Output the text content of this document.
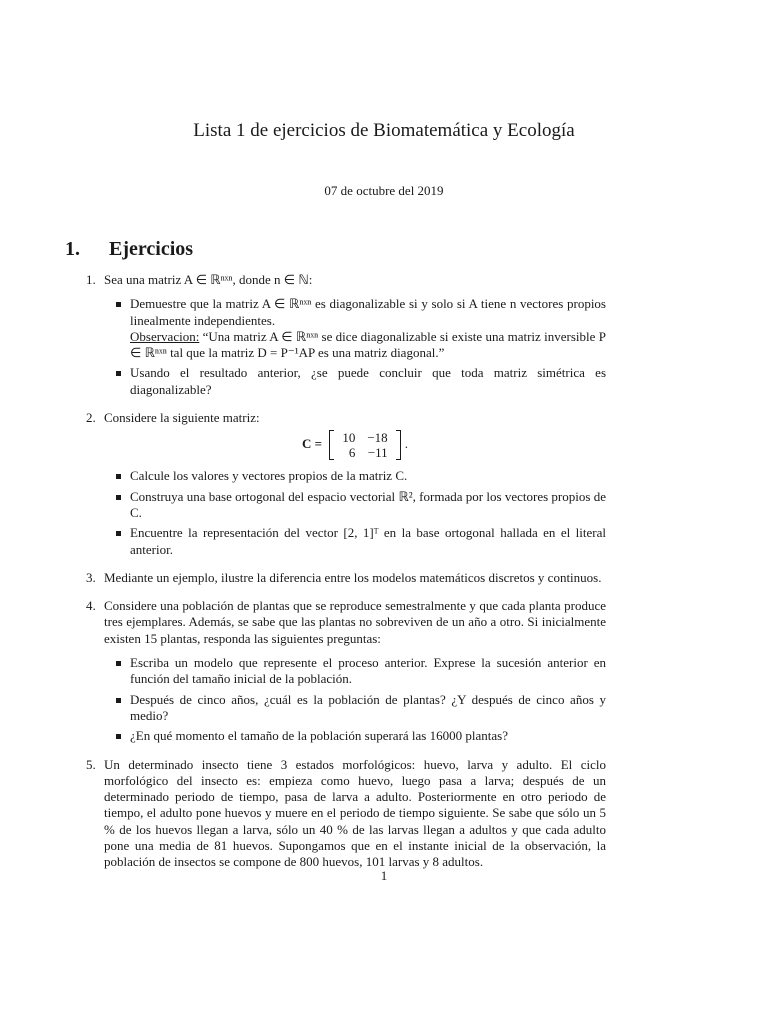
Lista 1 de ejercicios de Biomatemática y Ecología
07 de octubre del 2019
1. Ejercicios
1. Sea una matriz A ∈ ℝⁿˣⁿ, donde n ∈ ℕ:
Demuestre que la matriz A ∈ ℝⁿˣⁿ es diagonalizable si y solo si A tiene n vectores propios linealmente independientes.
Observacion: “Una matriz A ∈ ℝⁿˣⁿ se dice diagonalizable si existe una matriz inversible P ∈ ℝⁿˣⁿ tal que la matriz D = P⁻¹AP es una matriz diagonal.”
Usando el resultado anterior, ¿se puede concluir que toda matriz simétrica es diagonalizable?
2. Considere la siguiente matriz:
C = 10	−18
6	−11
.
Calcule los valores y vectores propios de la matriz C.
Construya una base ortogonal del espacio vectorial ℝ², formada por los vectores propios de C.
Encuentre la representación del vector [2, 1]ᵀ en la base ortogonal hallada en el literal anterior.
3. Mediante un ejemplo, ilustre la diferencia entre los modelos matemáticos discretos y continuos.
4. Considere una población de plantas que se reproduce semestralmente y que cada planta produce tres ejemplares. Además, se sabe que las plantas no sobreviven de un año a otro. Si inicialmente existen 15 plantas, responda las siguientes preguntas:
Escriba un modelo que represente el proceso anterior. Exprese la sucesión anterior en función del tamaño inicial de la población.
Después de cinco años, ¿cuál es la población de plantas? ¿Y después de cinco años y medio?
¿En qué momento el tamaño de la población superará las 16000 plantas?
5. Un determinado insecto tiene 3 estados morfológicos: huevo, larva y adulto. El ciclo morfológico del insecto es: empieza como huevo, luego pasa a larva; después de un determinado periodo de tiempo, pasa de larva a adulto. Posteriormente en otro periodo de tiempo, el adulto pone huevos y muere en el periodo de tiempo siguiente. Se sabe que sólo un 5 % de los huevos llegan a larva, sólo un 40 % de las larvas llegan a adultos y que cada adulto pone una media de 81 huevos. Supongamos que en el instante inicial de la observación, la población de insectos se compone de 800 huevos, 101 larvas y 8 adultos.
1
